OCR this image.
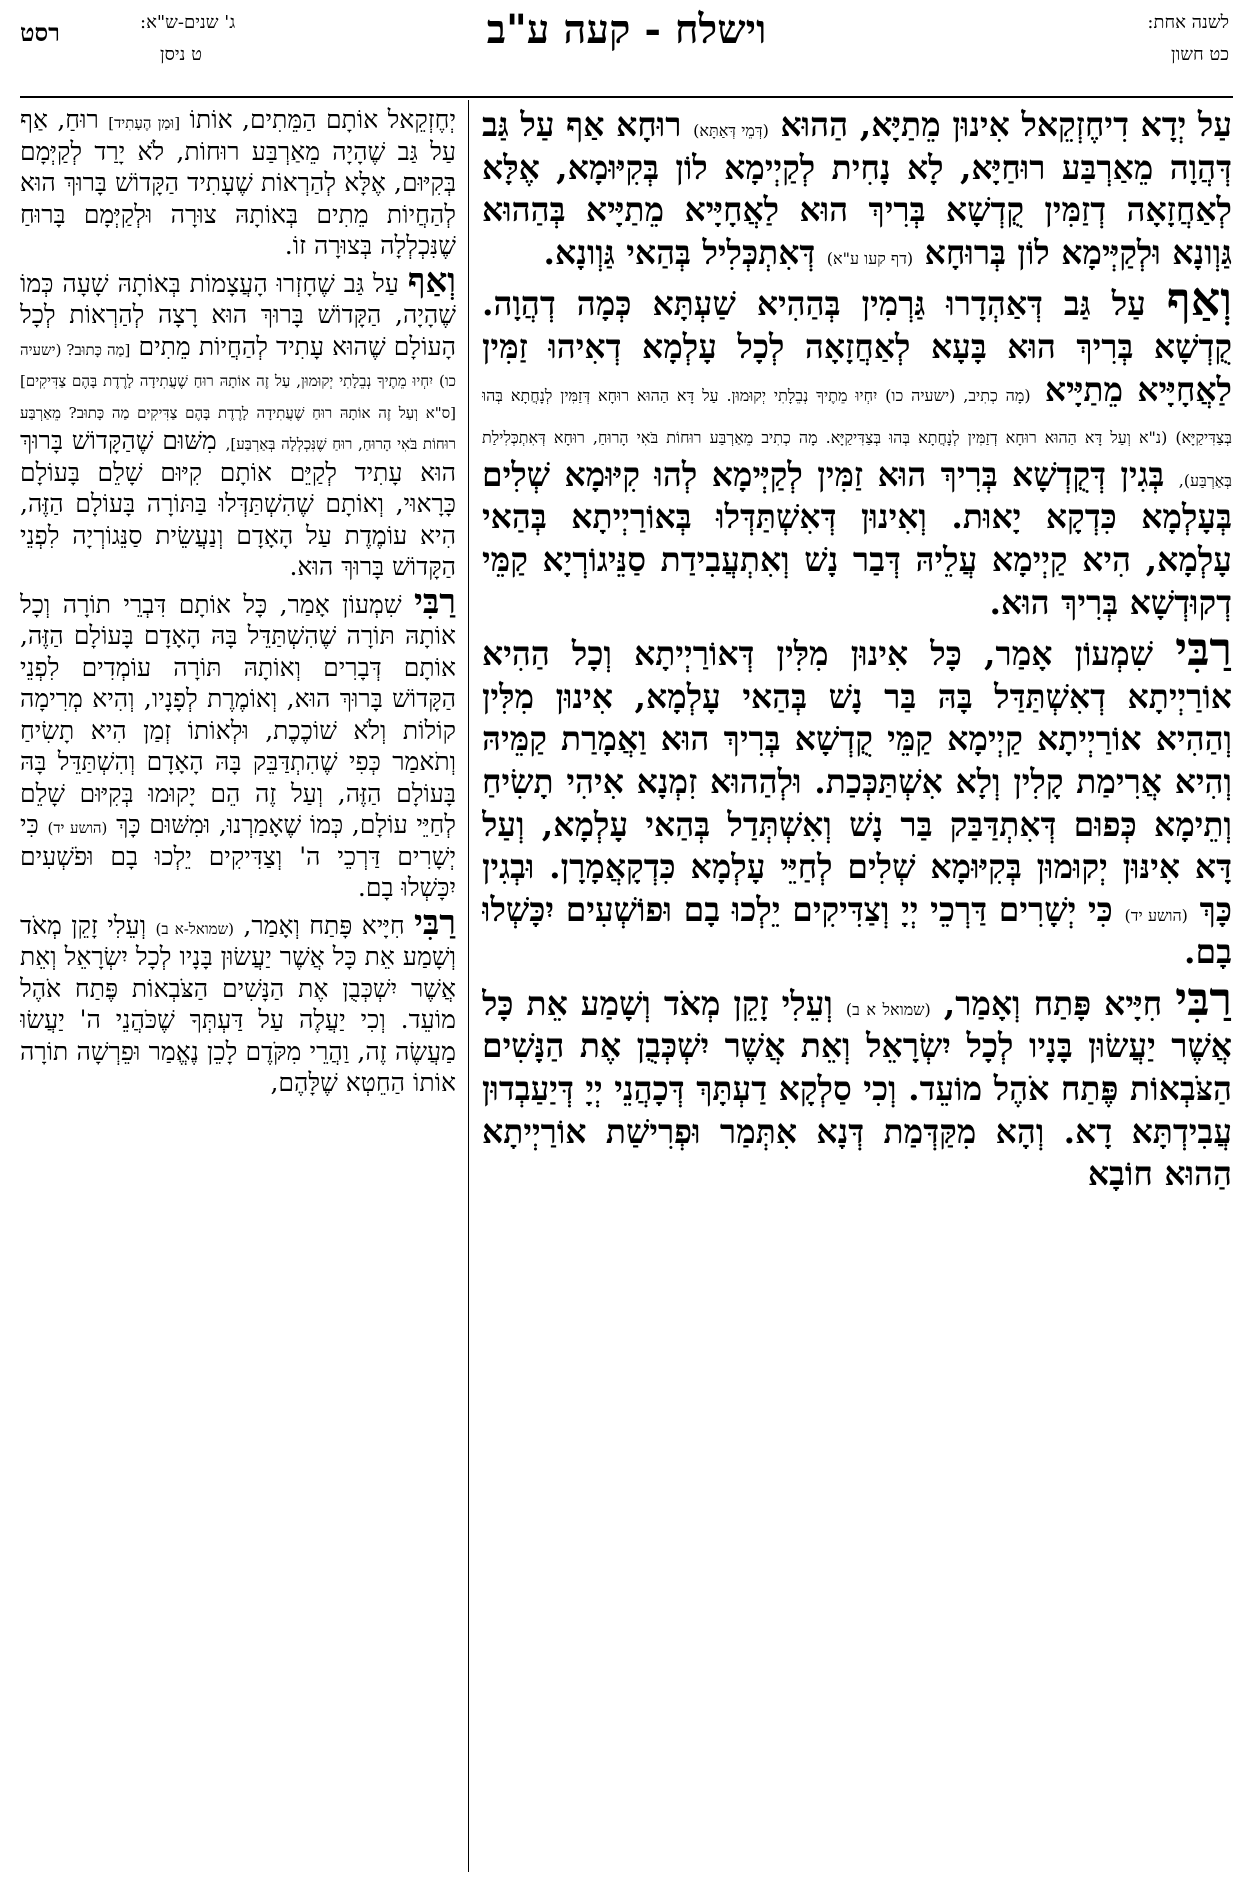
לשנה אחת:
כט חשון
וישלח - קעה ע"ב
ג' שנים-ש"א:
ט ניסן
רסט

עַל יְדָא דִיחֶזְקֵאל אִינוּן מֵתַיָּא, הַהוּא (דְּמֵי דְּאַתָּא) רוּחָא אַף עַל גַּב דְּהֲוָה מֵאַרְבַּע רוּחַיָּא, לָא נָחִית לְקַיְימָא לוֹן בְּקִיּוּמָא, אֶלָּא לְאַחֲזָאָה דְזַמִּין קֻדְשָׁא בְּרִיךְ הוּא לַאֲחָיָּיא מֵתַיָּיא בְּהַהוּא גַּוְונָא וּלְקַיְּימָא לוֹן בְּרוּחָא (דף קעו ע"א) דְּאִתְכְּלִיל בְּהַאי גַּוְונָא.

וְאַף עַל גַּב דְּאַהְדָרוּ גַּרְמִין בְּהַהִיא שַׁעְתָּא כְּמָה דְהֲוָה. קֻדְשָׁא בְּרִיךְ הוּא בָּעָא לְאַחֲזָאָה לְכָל עָלְמָא דְאִיהוּ זַמִּין לַאֲחָיָּיא מֵתַיָּיא (מָה כְתִיב, (ישעיה כו) יִחְיוּ מֵתֶיךָ נְבֵלָתִי יְקוּמוּן. עַל דָּא הַהוּא רוּחָא דְּזַמִּין לְנָחֲתָא בְּהוּ בְּצַדִּיקַיָּא) (נ"א וְעַל דָּא הַהוּא רוּחָא דְזַמִּין לְנָחֲתָא בְּהוּ בְּצַדִּיקַיָּא. מָה כְתִיב מֵאַרְבַּע רוּחוֹת בֹּאִי הָרוּחַ, רוּחָא דְּאִתְכְּלִילַת בְּאַרְבַּע), בְּגִין דְּקֻדְשָׁא בְּרִיךְ הוּא זַמִּין לְקַיְּימָא לְהוּ קִיּוּמָא שְׁלִים בְּעָלְמָא כִּדְקָא יָאוּת. וְאִינוּן דְּאִשְׁתַּדְּלוּ בְּאוֹרַיְיתָא בְּהַאי עָלְמָא, הִיא קַיְימָא עֲלֵיהּ דְּבַר נָשׁ וְאִתְעֲבִידַת סַנֵּיגוֹרְיָא קַמֵּי דְקוּדְשָׁא בְּרִיךְ הוּא.

רַבִּי שִׁמְעוֹן אָמַר, כָּל אִינוּן מִלִּין דְּאוֹרַיְיתָא וְכָל הַהִיא אוֹרַיְיתָא דְאִשְׁתַּדַּל בָּהּ בַּר נָשׁ בְּהַאי עָלְמָא, אִינוּן מִלִּין וְהַהִיא אוֹרַיְיתָא קַיְימָא קַמֵּי קֻדְשָׁא בְּרִיךְ הוּא וַאֲמָרַת קַמֵּיהּ וְהִיא אֲרִימַת קָלִין וְלָא אִשְׁתַּכְּכַת. וּלְהַהוּא זִמְנָא אִיהִי תָשִׂיחַ וְתֵימָא כְּפוּם דְּאִתְדַּבַּק בַּר נָשׁ וְאִשְׁתְּדַל בְּהַאי עָלְמָא, וְעַל דָּא אִינּוּן יְקוּמוּן בְּקִיּוּמָא שְׁלִים לְחַיֵּי עָלְמָא כִּדְקָאֲמָרָן. וּבְגִין כָּךְ (הושע יד) כִּי יְשָׁרִים דַּרְכֵי יְיָ וְצַדִּיקִים יֵלְכוּ בָם וּפוֹשְׁעִים יִכָּשְׁלוּ בָם.

רַבִּי חִיָּיא פָּתַח וְאָמַר, (שמואל א ב) וְעֵלִי זָקֵן מְאֹד וְשָׁמַע אֵת כָּל אֲשֶׁר יַעֲשׂוּן בָּנָיו לְכָל יִשְׂרָאֵל וְאֵת אֲשֶׁר יִשְׁכְּבֻן אֶת הַנָּשִׁים הַצֹּבְאוֹת פֶּתַח אֹהֶל מוֹעֵד. וְכִי סַלְקָא דַעְתָּךְ דְּכָהֲנֵי יְיָ דְּיַעַבְדוּן עֲבִידְתָּא דָא. וְהָא מִקַּדְּמַת דְּנָא אִתְּמַר וּפְרִישַׁת אוֹרַיְיתָא הַהוּא חוֹבָא

יְחֶזְקֵאל אוֹתָם הַמֵּתִים, אוֹתוֹ [וּמַן הֶעָתִיד] רוּחַ, אַף עַל גַּב שֶׁהָיָה מֵאַרְבַּע רוּחוֹת, לֹא יָרַד לְקַיְּמָם בְּקִיּוּם, אֶלָּא לְהַרְאוֹת שֶׁעָתִיד הַקָּדוֹשׁ בָּרוּךְ הוּא לְהַחֲיוֹת מֵתִים בְּאוֹתָהּ צוּרָה וּלְקַיְּמָם בָּרוּחַ שֶׁנִּכְלְלָה בְּצוּרָה זוֹ.

וְאַף עַל גַּב שֶׁחָזְרוּ הָעֲצָמוֹת בְּאוֹתָהּ שָׁעָה כְּמוֹ שֶׁהָיָה, הַקָּדוֹשׁ בָּרוּךְ הוּא רָצָה לְהַרְאוֹת לְכָל הָעוֹלָם שֶׁהוּא עָתִיד לְהַחֲיוֹת מֵתִים [מַה כָּתוּב? (ישעיה כו) יִחְיוּ מֵתֶיךָ נְבֵלָתִי יְקוּמוּן, עַל זֶה אוֹתָהּ רוּחַ שֶׁעֲתִידָה לָרֶדֶת בָּהֶם צַדִּיקִים] [ס"א וְעַל זֶה אוֹתָהּ רוּחַ שֶׁעֲתִידָה לָרֶדֶת בָּהֶם צַדִּיקִים מַה כָּתוּב? מֵאַרְבַּע רוּחוֹת בֹּאִי הָרוּחַ, רוּחַ שֶׁנִּכְלְלָה בְּאַרְבַּע], מִשּׁוּם שֶׁהַקָּדוֹשׁ בָּרוּךְ הוּא עָתִיד לְקַיֵּם אוֹתָם קִיּוּם שָׁלֵם בָּעוֹלָם כָּרָאוּי, וְאוֹתָם שֶׁהִשְׁתַּדְּלוּ בַּתּוֹרָה בָּעוֹלָם הַזֶּה, הִיא עוֹמֶדֶת עַל הָאָדָם וְנַעֲשֵׂית סַנֵּגוֹרְיָה לִפְנֵי הַקָּדוֹשׁ בָּרוּךְ הוּא.

רַבִּי שִׁמְעוֹן אָמַר, כָּל אוֹתָם דִּבְרֵי תוֹרָה וְכָל אוֹתָהּ תּוֹרָה שֶׁהִשְׁתַּדֵּל בָּהּ הָאָדָם בָּעוֹלָם הַזֶּה, אוֹתָם דְּבָרִים וְאוֹתָהּ תּוֹרָה עוֹמְדִים לִפְנֵי הַקָּדוֹשׁ בָּרוּךְ הוּא, וְאוֹמֶרֶת לְפָנָיו, וְהִיא מְרִימָה קוֹלוֹת וְלֹא שׁוֹכֶכֶת, וּלְאוֹתוֹ זְמַן הִיא תָשִׂיחַ וְתֹאמַר כְּפִי שֶׁהִתְדַּבֵּק בָּהּ הָאָדָם וְהִשְׁתַּדֵּל בָּהּ בָּעוֹלָם הַזֶּה, וְעַל זֶה הֵם יָקוּמוּ בְּקִיּוּם שָׁלֵם לְחַיֵּי עוֹלָם, כְּמוֹ שֶׁאָמַרְנוּ, וּמִשּׁוּם כָּךְ (הושע יד) כִּי יְשָׁרִים דַּרְכֵי ה' וְצַדִּיקִים יֵלְכוּ בָם וּפֹשְׁעִים יִכָּשְׁלוּ בָם.

רַבִּי חִיָּיא פָּתַח וְאָמַר, (שמואל-א ב) וְעֵלִי זָקֵן מְאֹד וְשָׁמַע אֵת כָּל אֲשֶׁר יַעֲשׂוּן בָּנָיו לְכָל יִשְׂרָאֵל וְאֵת אֲשֶׁר יִשְׁכְּבֻן אֶת הַנָּשִׁים הַצֹּבְאוֹת פֶּתַח אֹהֶל מוֹעֵד. וְכִי יַעֲלֶה עַל דַּעְתְּךָ שֶׁכֹּהֲנֵי ה' יַעֲשׂוּ מַעֲשֶׂה זֶה, וַהֲרֵי מִקֹּדֶם לָכֵן נֶאֱמַר וּפֵרְשָׁה תוֹרָה אוֹתוֹ הַחֵטְא שֶׁלָּהֶם,
